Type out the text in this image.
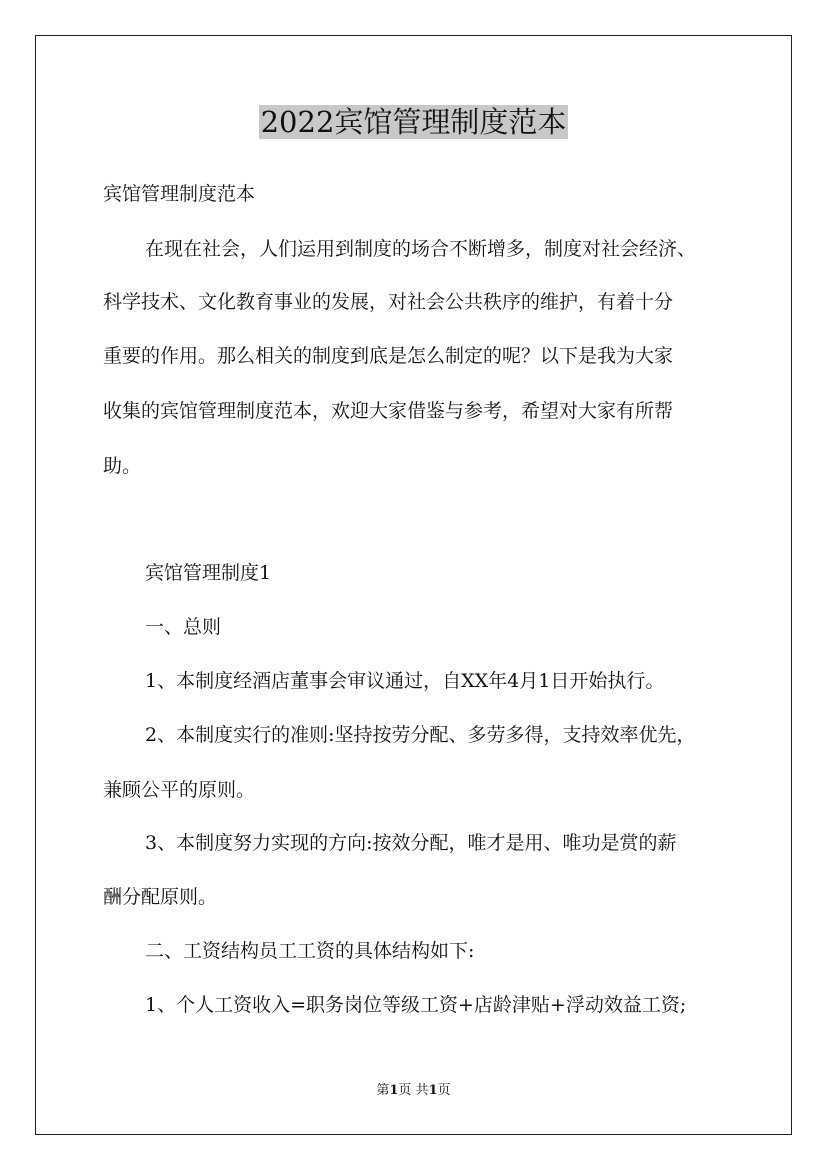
2022宾馆管理制度范本
宾馆管理制度范本
在现在社会，人们运用到制度的场合不断增多，制度对社会经济、
科学技术、文化教育事业的发展，对社会公共秩序的维护，有着十分
重要的作用。那么相关的制度到底是怎么制定的呢？以下是我为大家
收集的宾馆管理制度范本，欢迎大家借鉴与参考，希望对大家有所帮
助。
宾馆管理制度1
一、总则
1、本制度经酒店董事会审议通过，自XX年4月1日开始执行。
2、本制度实行的准则:坚持按劳分配、多劳多得，支持效率优先，
兼顾公平的原则。
3、本制度努力实现的方向:按效分配，唯才是用、唯功是赏的薪
酬分配原则。
二、工资结构员工工资的具体结构如下:
1、个人工资收入=职务岗位等级工资+店龄津贴+浮动效益工资;
第1页 共1页
